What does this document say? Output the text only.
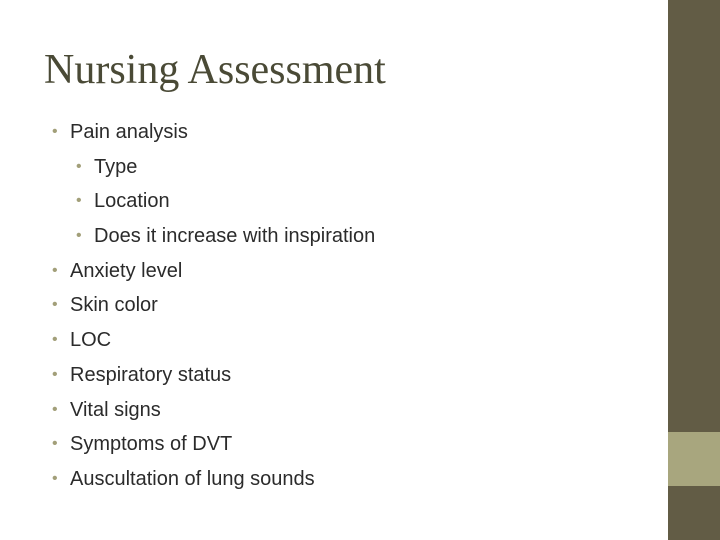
Nursing Assessment
• Pain analysis
• Type
• Location
• Does it increase with inspiration
• Anxiety level
• Skin color
• LOC
• Respiratory status
• Vital signs
• Symptoms of DVT
• Auscultation of lung sounds
